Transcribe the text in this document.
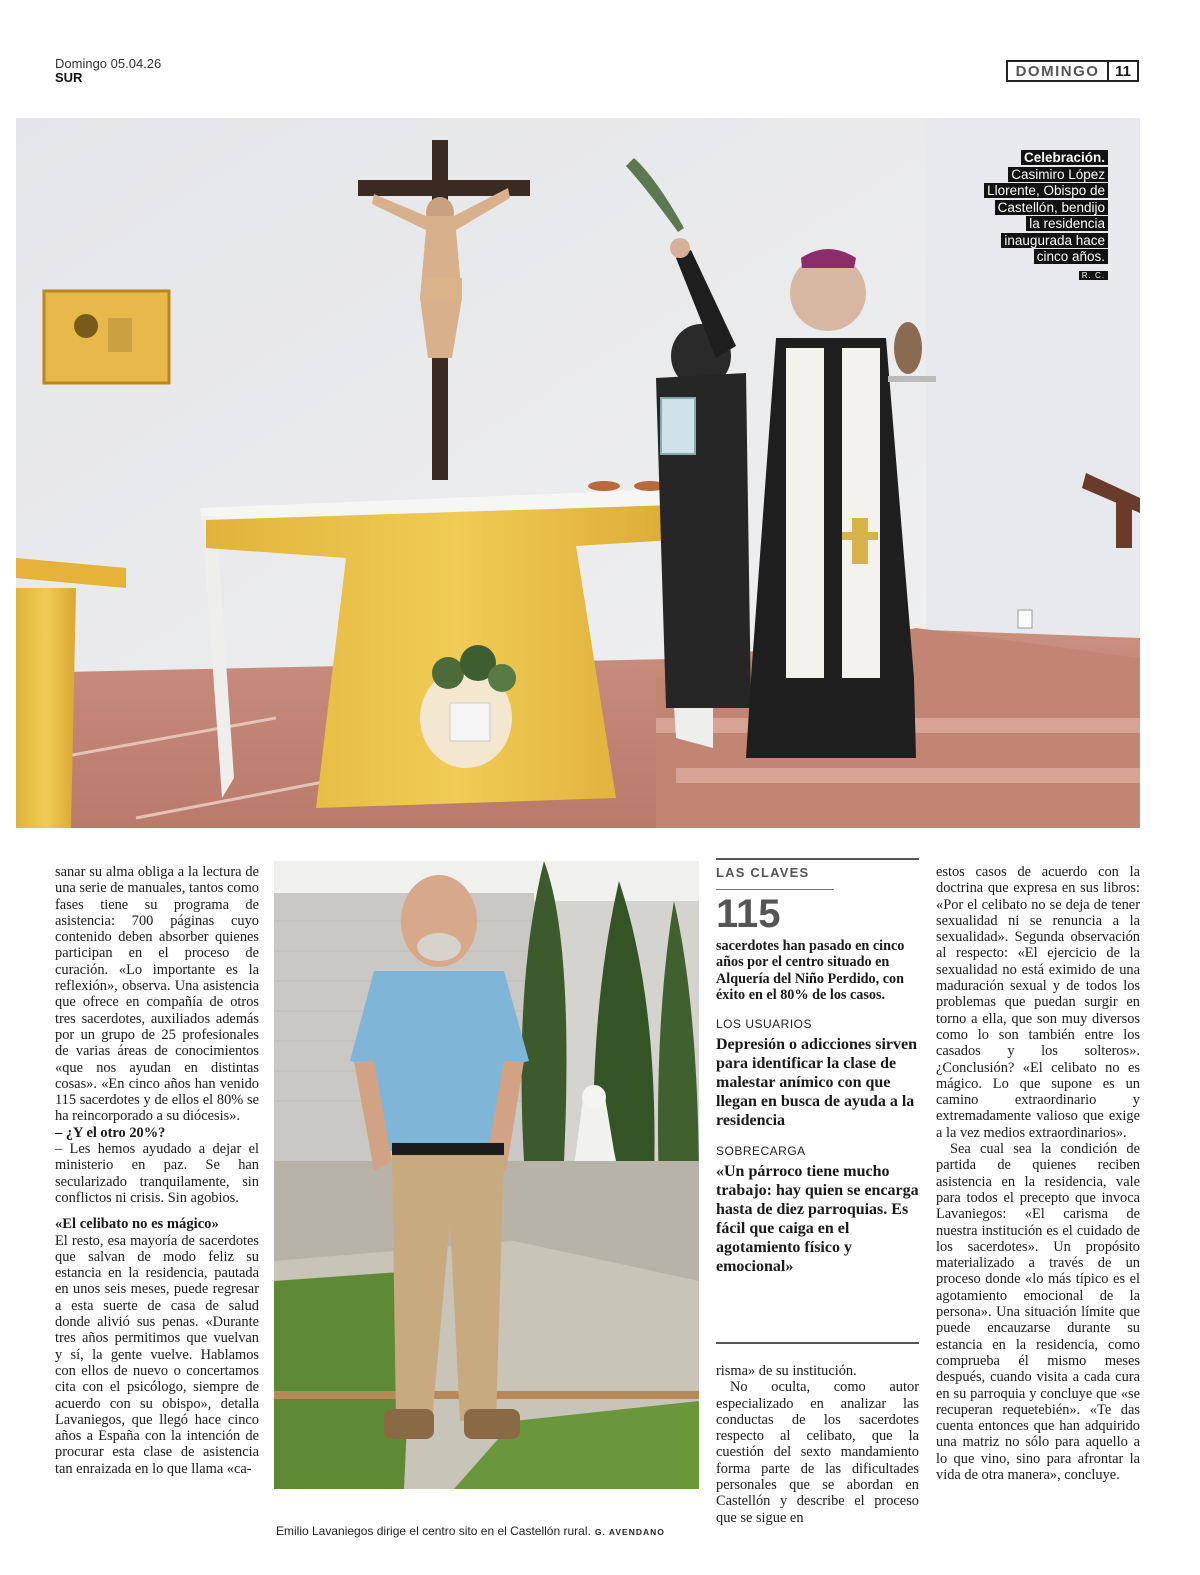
Domingo 05.04.26
SUR	DOMINGO	11
Celebración.
Casimiro López
Llorente, Obispo de
Castellón, bendijo
la residencia
inaugurada hace
cinco años.
R. C.

sanar su alma obliga a la lectura de una serie de manuales, tantos como fases tiene su programa de asistencia: 700 páginas cuyo contenido deben absorber quienes participan en el proceso de curación. «Lo importante es la reflexión», observa. Una asistencia que ofrece en compañía de otros tres sacerdotes, auxiliados además por un grupo de 25 profesionales de varias áreas de conocimientos «que nos ayudan en distintas cosas». «En cinco años han venido 115 sacerdotes y de ellos el 80% se ha reincorporado a su diócesis».

– ¿Y el otro 20%?

– Les hemos ayudado a dejar el ministerio en paz. Se han secularizado tranquilamente, sin conflictos ni crisis. Sin agobios.

«El celibato no es mágico»

El resto, esa mayoría de sacerdotes que salvan de modo feliz su estancia en la residencia, pautada en unos seis meses, puede regresar a esta suerte de casa de salud donde alivió sus penas. «Durante tres años permitimos que vuelvan y sí, la gente vuelve. Hablamos con ellos de nuevo o concertamos cita con el psicólogo, siempre de acuerdo con su obispo», detalla Lavaniegos, que llegó hace cinco años a España con la intención de procurar esta clase de asistencia tan enraizada en lo que llama «ca-

Emilio Lavaniegos dirige el centro sito en el Castellón rural. G. AVENDANO
LAS CLAVES
115
sacerdotes han pasado en cinco años por el centro situado en Alquería del Niño Perdido, con éxito en el 80% de los casos.
LOS USUARIOS
Depresión o adicciones sirven para identificar la clase de malestar anímico con que llegan en busca de ayuda a la residencia
SOBRECARGA
«Un párroco tiene mucho trabajo: hay quien se encarga hasta de diez parroquias. Es fácil que caiga en el agotamiento físico y emocional»

risma» de su institución.

No oculta, como autor especializado en analizar las conductas de los sacerdotes respecto al celibato, que la cuestión del sexto mandamiento forma parte de las dificultades personales que se abordan en Castellón y describe el proceso que se sigue en

estos casos de acuerdo con la doctrina que expresa en sus libros: «Por el celibato no se deja de tener sexualidad ni se renuncia a la sexualidad». Segunda observación al respecto: «El ejercicio de la sexualidad no está eximido de una maduración sexual y de todos los problemas que puedan surgir en torno a ella, que son muy diversos como lo son también entre los casados y los solteros». ¿Conclusión? «El celibato no es mágico. Lo que supone es un camino extraordinario y extremadamente valioso que exige a la vez medios extraordinarios».

Sea cual sea la condición de partida de quienes reciben asistencia en la residencia, vale para todos el precepto que invoca Lavaniegos: «El carisma de nuestra institución es el cuidado de los sacerdotes». Un propósito materializado a través de un proceso donde «lo más típico es el agotamiento emocional de la persona». Una situación límite que puede encauzarse durante su estancia en la residencia, como comprueba él mismo meses después, cuando visita a cada cura en su parroquia y concluye que «se recuperan requetebién». «Te das cuenta entonces que han adquirido una matriz no sólo para aquello a lo que vino, sino para afrontar la vida de otra manera», concluye.
